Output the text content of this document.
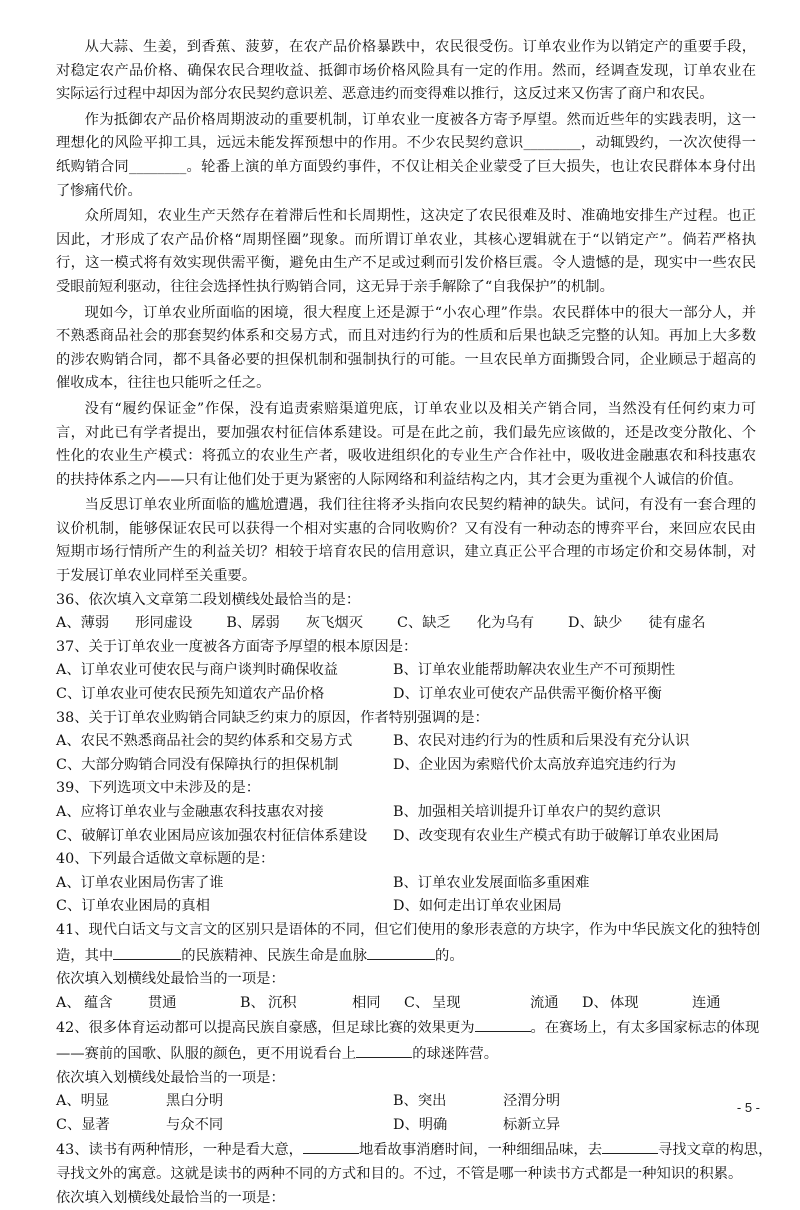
从大蒜、生姜，到香蕉、菠萝，在农产品价格暴跌中，农民很受伤。订单农业作为以销定产的重要手段，对稳定农产品价格、确保农民合理收益、抵御市场价格风险具有一定的作用。然而，经调查发现，订单农业在实际运行过程中却因为部分农民契约意识差、恶意违约而变得难以推行，这反过来又伤害了商户和农民。

作为抵御农产品价格周期波动的重要机制，订单农业一度被各方寄予厚望。然而近些年的实践表明，这一理想化的风险平抑工具，远远未能发挥预想中的作用。不少农民契约意识________，动辄毁约，一次次使得一纸购销合同________。轮番上演的单方面毁约事件，不仅让相关企业蒙受了巨大损失，也让农民群体本身付出了惨痛代价。

众所周知，农业生产天然存在着滞后性和长周期性，这决定了农民很难及时、准确地安排生产过程。也正因此，才形成了农产品价格“周期怪圈”现象。而所谓订单农业，其核心逻辑就在于“以销定产”。倘若严格执行，这一模式将有效实现供需平衡，避免由生产不足或过剩而引发价格巨震。令人遗憾的是，现实中一些农民受眼前短利驱动，往往会选择性执行购销合同，这无异于亲手解除了“自我保护”的机制。

现如今，订单农业所面临的困境，很大程度上还是源于“小农心理”作祟。农民群体中的很大一部分人，并不熟悉商品社会的那套契约体系和交易方式，而且对违约行为的性质和后果也缺乏完整的认知。再加上大多数的涉农购销合同，都不具备必要的担保机制和强制执行的可能。一旦农民单方面撕毁合同，企业顾忌于超高的催收成本，往往也只能听之任之。

没有“履约保证金”作保，没有追责索赔渠道兜底，订单农业以及相关产销合同，当然没有任何约束力可言，对此已有学者提出，要加强农村征信体系建设。可是在此之前，我们最先应该做的，还是改变分散化、个性化的农业生产模式：将孤立的农业生产者，吸收进组织化的专业生产合作社中，吸收进金融惠农和科技惠农的扶持体系之内——只有让他们处于更为紧密的人际网络和利益结构之内，其才会更为重视个人诚信的价值。

当反思订单农业所面临的尴尬遭遇，我们往往将矛头指向农民契约精神的缺失。试问，有没有一套合理的议价机制，能够保证农民可以获得一个相对实惠的合同收购价？又有没有一种动态的博弈平台，来回应农民由短期市场行情所产生的利益关切？相较于培育农民的信用意识，建立真正公平合理的市场定价和交易体制，对于发展订单农业同样至关重要。

36、依次填入文章第二段划横线处最恰当的是：

A、 薄弱 形同虚设 B、 孱弱 灰飞烟灭 C、 缺乏 化为乌有 D、 缺少 徒有虚名

37、关于订单农业一度被各方面寄予厚望的根本原因是：

A、订单农业可使农民与商户谈判时确保收益	B、订单农业能帮助解决农业生产不可预期性
C、订单农业可使农民预先知道农产品价格	D、订单农业可使农产品供需平衡价格平衡

38、关于订单农业购销合同缺乏约束力的原因，作者特别强调的是：

A、农民不熟悉商品社会的契约体系和交易方式	B、农民对违约行为的性质和后果没有充分认识
C、大部分购销合同没有保障执行的担保机制	D、企业因为索赔代价太高放弃追究违约行为

39、下列选项文中未涉及的是：

A、应将订单农业与金融惠农科技惠农对接	B、加强相关培训提升订单农户的契约意识
C、破解订单农业困局应该加强农村征信体系建设	D、改变现有农业生产模式有助于破解订单农业困局

40、下列最合适做文章标题的是：

A、订单农业困局伤害了谁	B、订单农业发展面临多重困难
C、订单农业困局的真相	D、如何走出订单农业困局

41、现代白话文与文言文的区别只是语体的不同，但它们使用的象形表意的方块字，作为中华民族文化的独特创

造，其中	的民族精神、民族生命是血脉	的。

依次填入划横线处最恰当的一项是：

A、 蕴含	贯通	B、 沉积	相同	C、 呈现	流通	D、 体现	连通

42、很多体育运动都可以提高民族自豪感，但足球比赛的效果更为	。在赛场上，有太多国家标志的体现

——赛前的国歌、队服的颜色，更不用说看台上	的球迷阵营。

依次填入划横线处最恰当的一项是：

A、明显	黑白分明	B、突出	泾渭分明
C、显著	与众不同	D、明确	标新立异

43、读书有两种情形，一种是看大意，	地看故事消磨时间，一种细细品味，去	寻找文章的构思，

寻找文外的寓意。这就是读书的两种不同的方式和目的。不过，不管是哪一种读书方式都是一种知识的积累。

依次填入划横线处最恰当的一项是：

- 5 -
